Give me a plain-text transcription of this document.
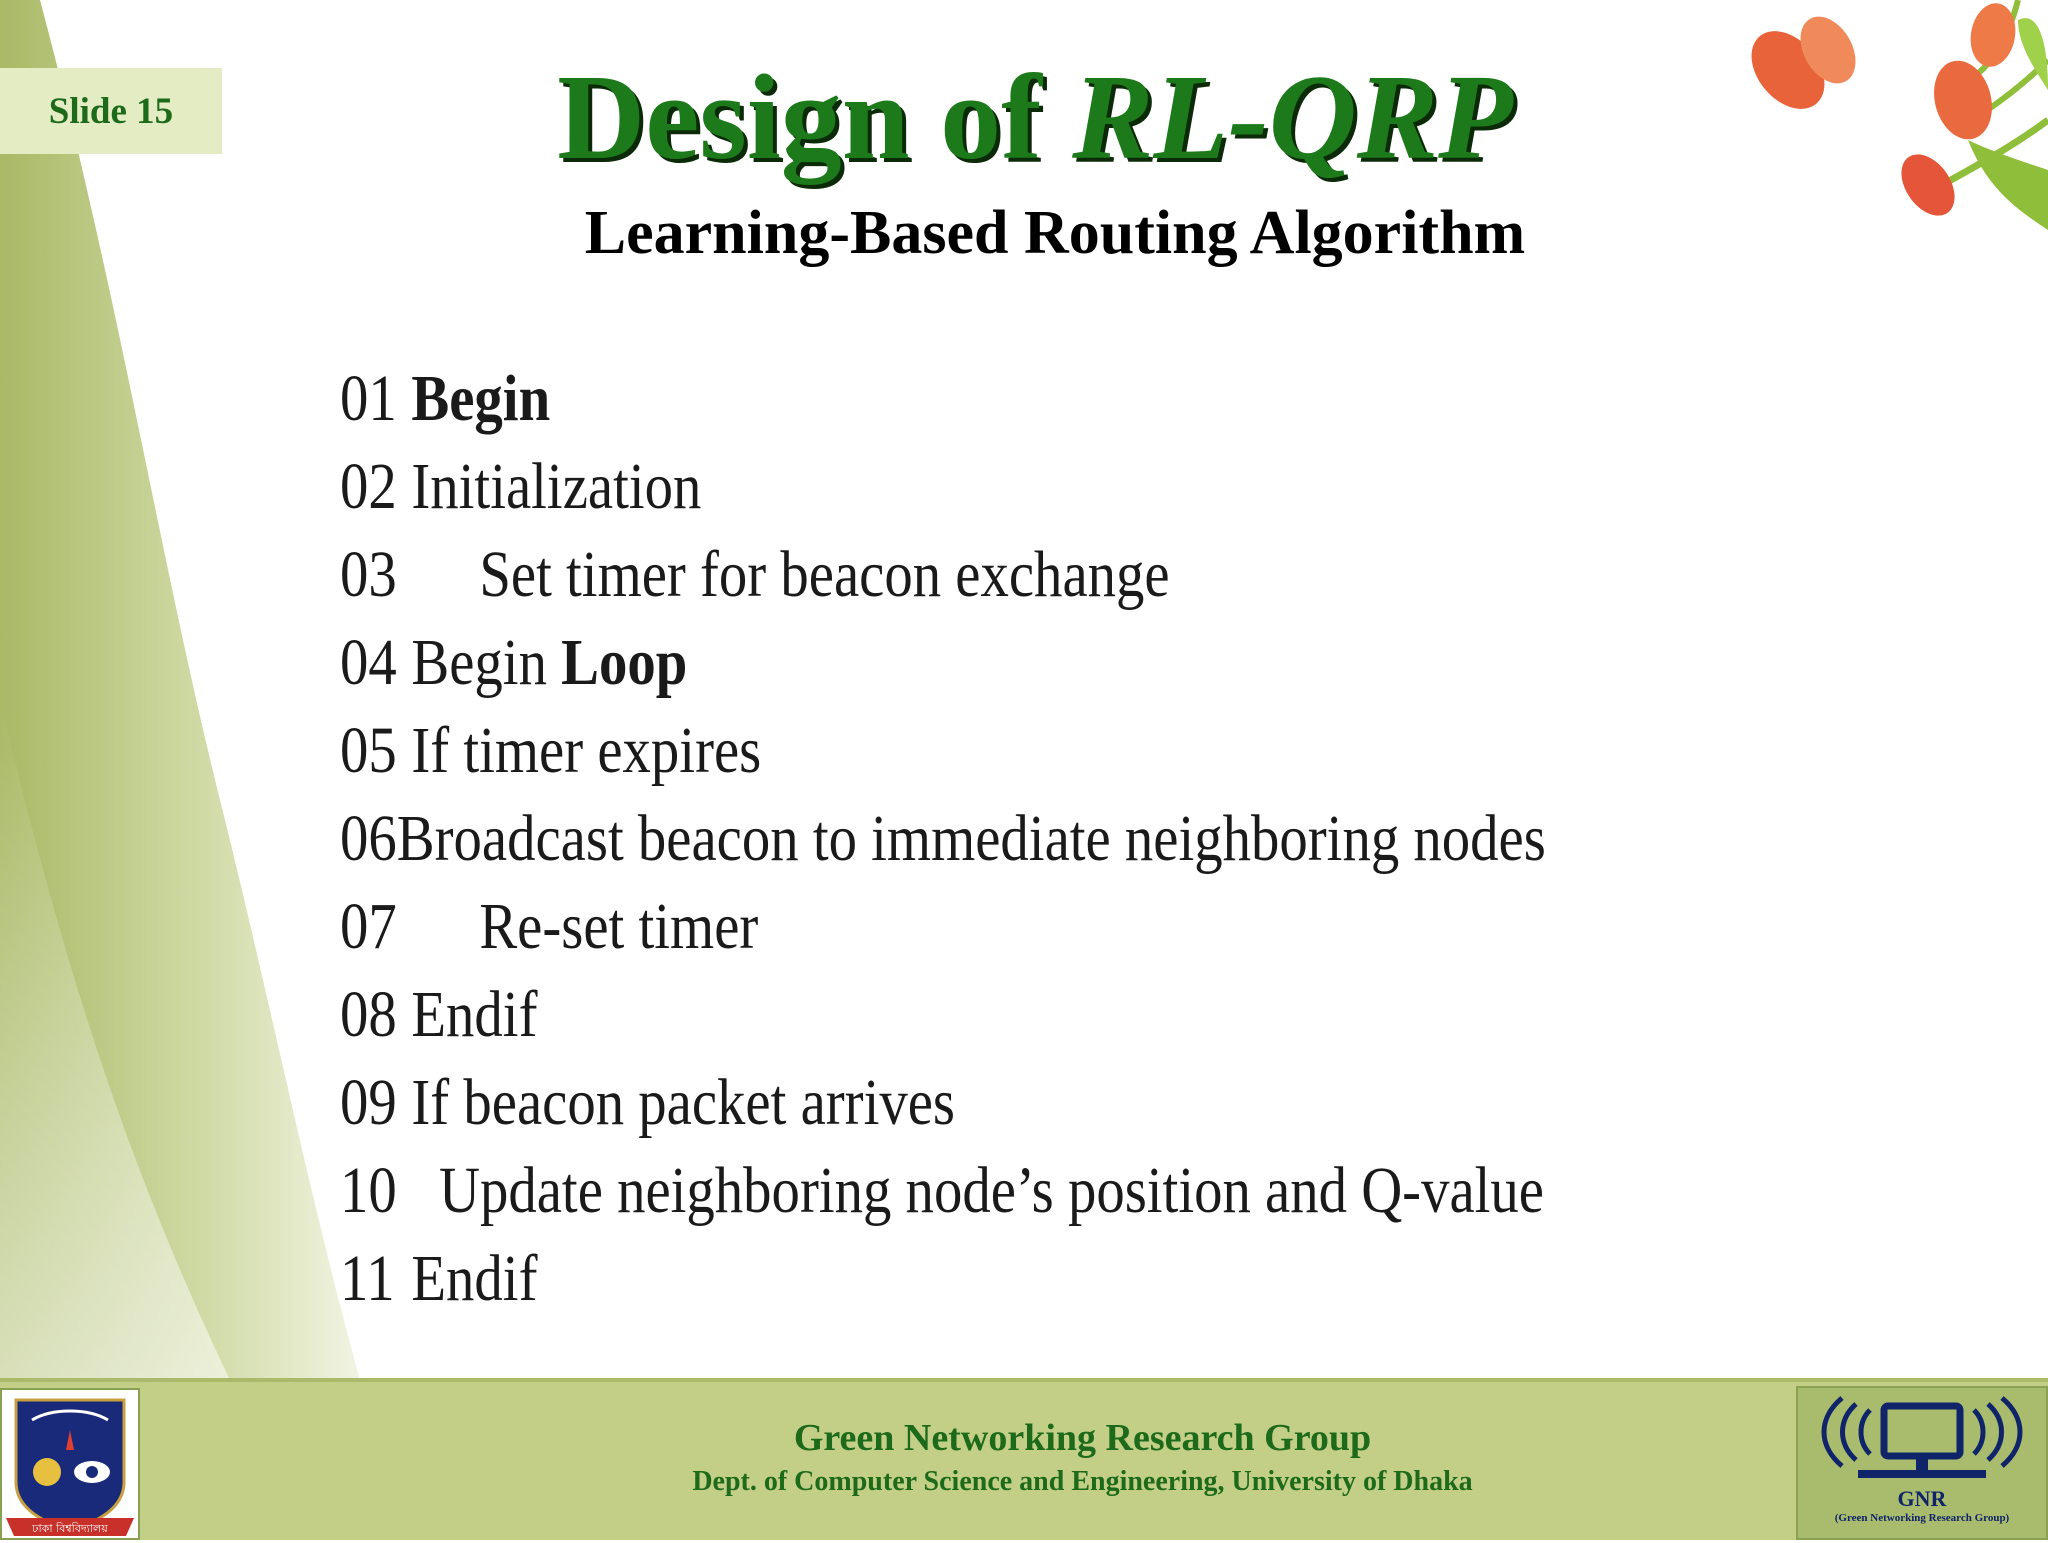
Slide 15	Design of RL-QRP
Learning-Based Routing Algorithm
01 Begin
02 Initialization
03 Set timer for beacon exchange
04 Begin Loop
05 If timer expires
06 Broadcast beacon to immediate neighboring nodes
07 Re-set timer
08 Endif
09 If beacon packet arrives
10 Update neighboring node’s position and Q-value
11 Endif
ঢাকা বিশ্ববিদ্যালয়
Green Networking Research Group
Dept. of Computer Science and Engineering, University of Dhaka
GNR
(Green Networking Research Group)
